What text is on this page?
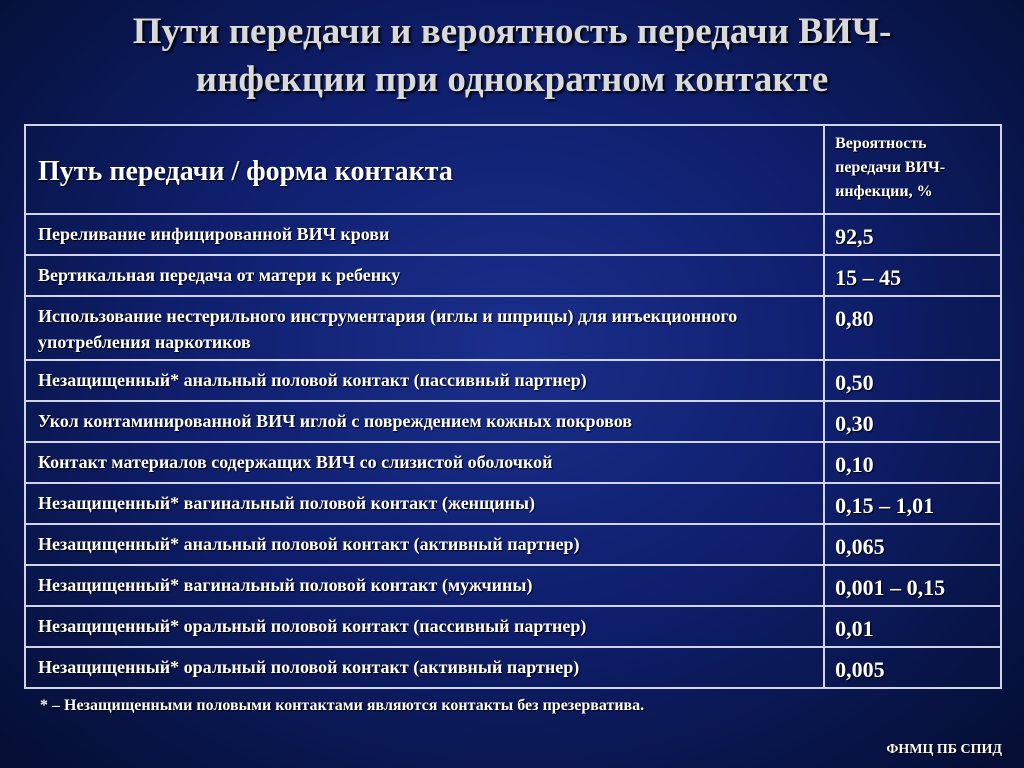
Пути передачи и вероятность передачи ВИЧ-
инфекции при однократном контакте
Путь передачи / форма контакта	Вероятность передачи ВИЧ-инфекции, %
Переливание инфицированной ВИЧ крови	92,5
Вертикальная передача от матери к ребенку	15 – 45
Использование нестерильного инструментария (иглы и шприцы) для инъекционного употребления наркотиков	0,80
Незащищенный* анальный половой контакт (пассивный партнер)	0,50
Укол контаминированной ВИЧ иглой с повреждением кожных покровов	0,30
Контакт материалов содержащих ВИЧ со слизистой оболочкой	0,10
Незащищенный* вагинальный половой контакт (женщины)	0,15 – 1,01
Незащищенный* анальный половой контакт (активный партнер)	0,065
Незащищенный* вагинальный половой контакт (мужчины)	0,001 – 0,15
Незащищенный* оральный половой контакт (пассивный партнер)	0,01
Незащищенный* оральный половой контакт (активный партнер)	0,005
* – Незащищенными половыми контактами являются контакты без презерватива.
ФНМЦ ПБ СПИД
